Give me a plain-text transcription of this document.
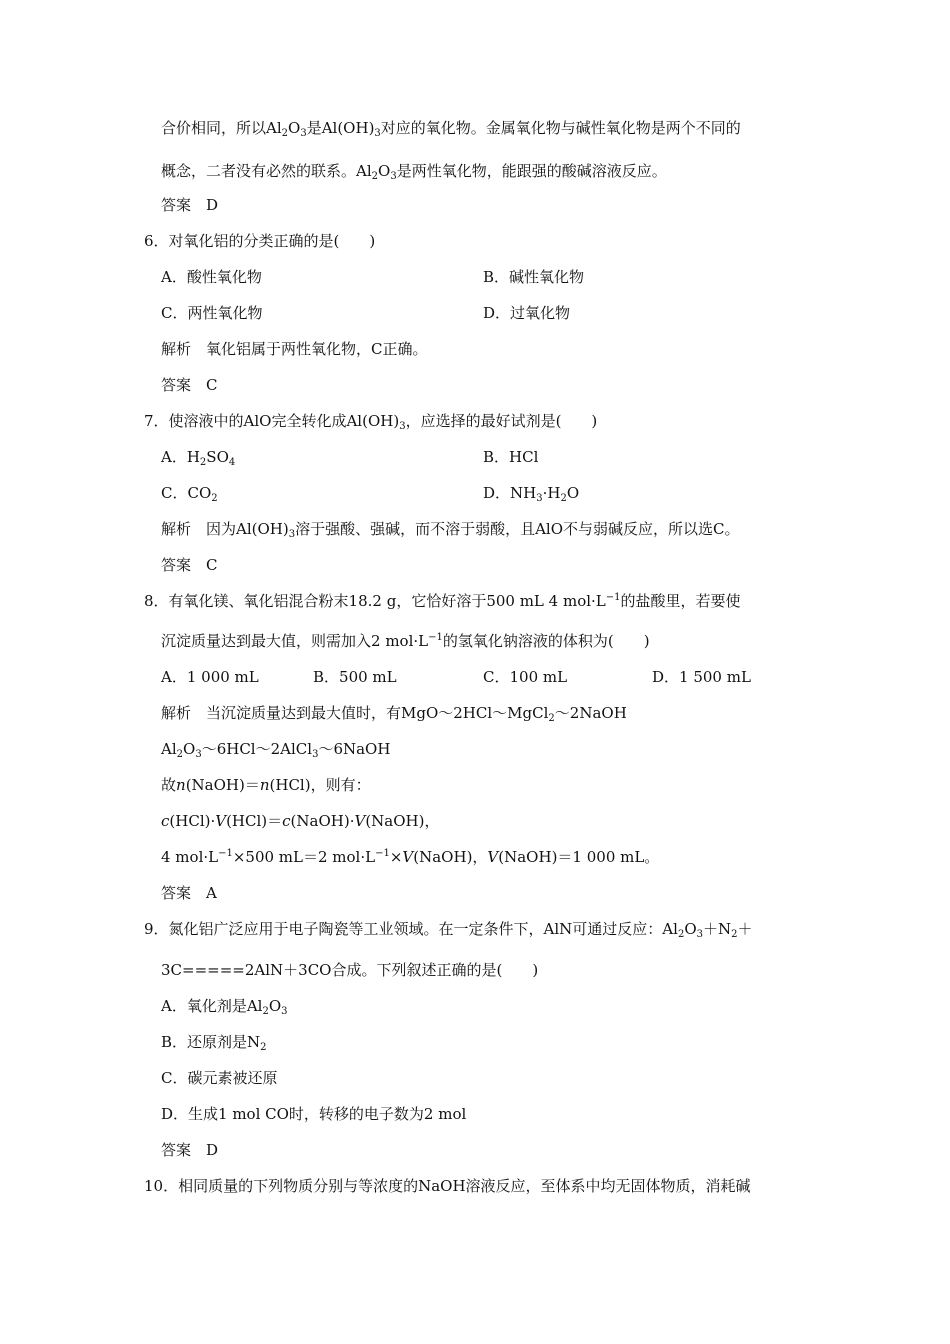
合价相同，所以$Al_2O_3$是$Al(OH)_3$对应的氧化物。金属氧化物与碱性氧化物是两个不同的
概念，二者没有必然的联系。$Al_2O_3$是两性氧化物，能跟强的酸碱溶液反应。
答案　D
6．对氧化铝的分类正确的是(　　)
A．酸性氧化物
C．两性氧化物
解析　氧化铝属于两性氧化物，C正确。
答案　C
7．使溶液中的AlO完全转化成$Al(OH)_3$，应选择的最好试剂是(　　)
A．$H_2SO_4$
C．$CO_2$
解析　因为$Al(OH)_3$溶于强酸、强碱，而不溶于弱酸，且AlO不与弱碱反应，所以选C。
答案　C
8．有氧化镁、氧化铝混合粉末18.2 g，它恰好溶于500 mL 4 $mol\cdot L^{-1}$的盐酸里，若要使
沉淀质量达到最大值，则需加入2 $mol\cdot L^{-1}$的氢氧化钠溶液的体积为(　　)
A．1 000 mL
解析　当沉淀质量达到最大值时，有MgO～2HCl～MgCl$_2$～2NaOH
$Al_2O_3\sim 6HCl\sim 2AlCl_3\sim 6NaOH$
故n(NaOH)＝n(HCl)，则有：
c(HCl)·V(HCl)＝c(NaOH)·V(NaOH)，
4 $mol\cdot L^{-1}\times 500$ mL＝2 $mol\cdot L^{-1}\times V(NaOH)$，V(NaOH)＝1 000 mL。
答案　A
9．氮化铝广泛应用于电子陶瓷等工业领域。在一定条件下，AlN可通过反应：$Al_2O_3+N_2+$
3C=====2AlN＋3CO合成。下列叙述正确的是(　　)
A．氧化剂是$Al_2O_3$
B．还原剂是$N_2$
C．碳元素被还原
D．生成1 mol CO时，转移的电子数为2 mol
答案　D
10．相同质量的下列物质分别与等浓度的NaOH溶液反应，至体系中均无固体物质，消耗碱
B．碱性氧化物
D．过氧化物
B．HCl
D．$NH_3\cdot H_2O$
B．500 mL	C．100 mL	D．1 500 mL
